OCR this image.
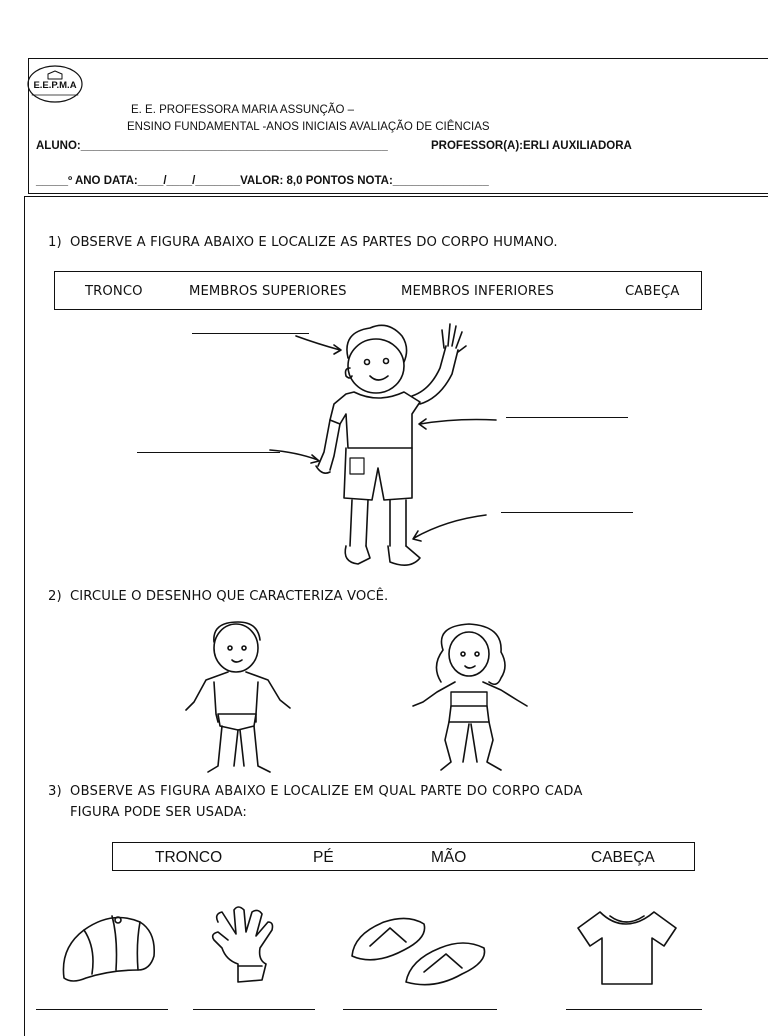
E.E.P.M.A
E. E. PROFESSORA MARIA ASSUNÇÃO –
ENSINO FUNDAMENTAL -ANOS INICIAIS AVALIAÇÃO DE CIÊNCIAS
ALUNO:________________________________________________	PROFESSOR(A):ERLI AUXILIADORA
_____º ANO DATA:____/____/_______VALOR: 8,0 PONTOS NOTA:_______________
1) OBSERVE A FIGURA ABAIXO E LOCALIZE AS PARTES DO CORPO HUMANO.
TRONCO	MEMBROS SUPERIORES	MEMBROS INFERIORES	CABEÇA
2) CIRCULE O DESENHO QUE CARACTERIZA VOCÊ.
3) OBSERVE AS FIGURA ABAIXO E LOCALIZE EM QUAL PARTE DO CORPO CADA
FIGURA PODE SER USADA:
TRONCO	PÉ	MÃO	CABEÇA
